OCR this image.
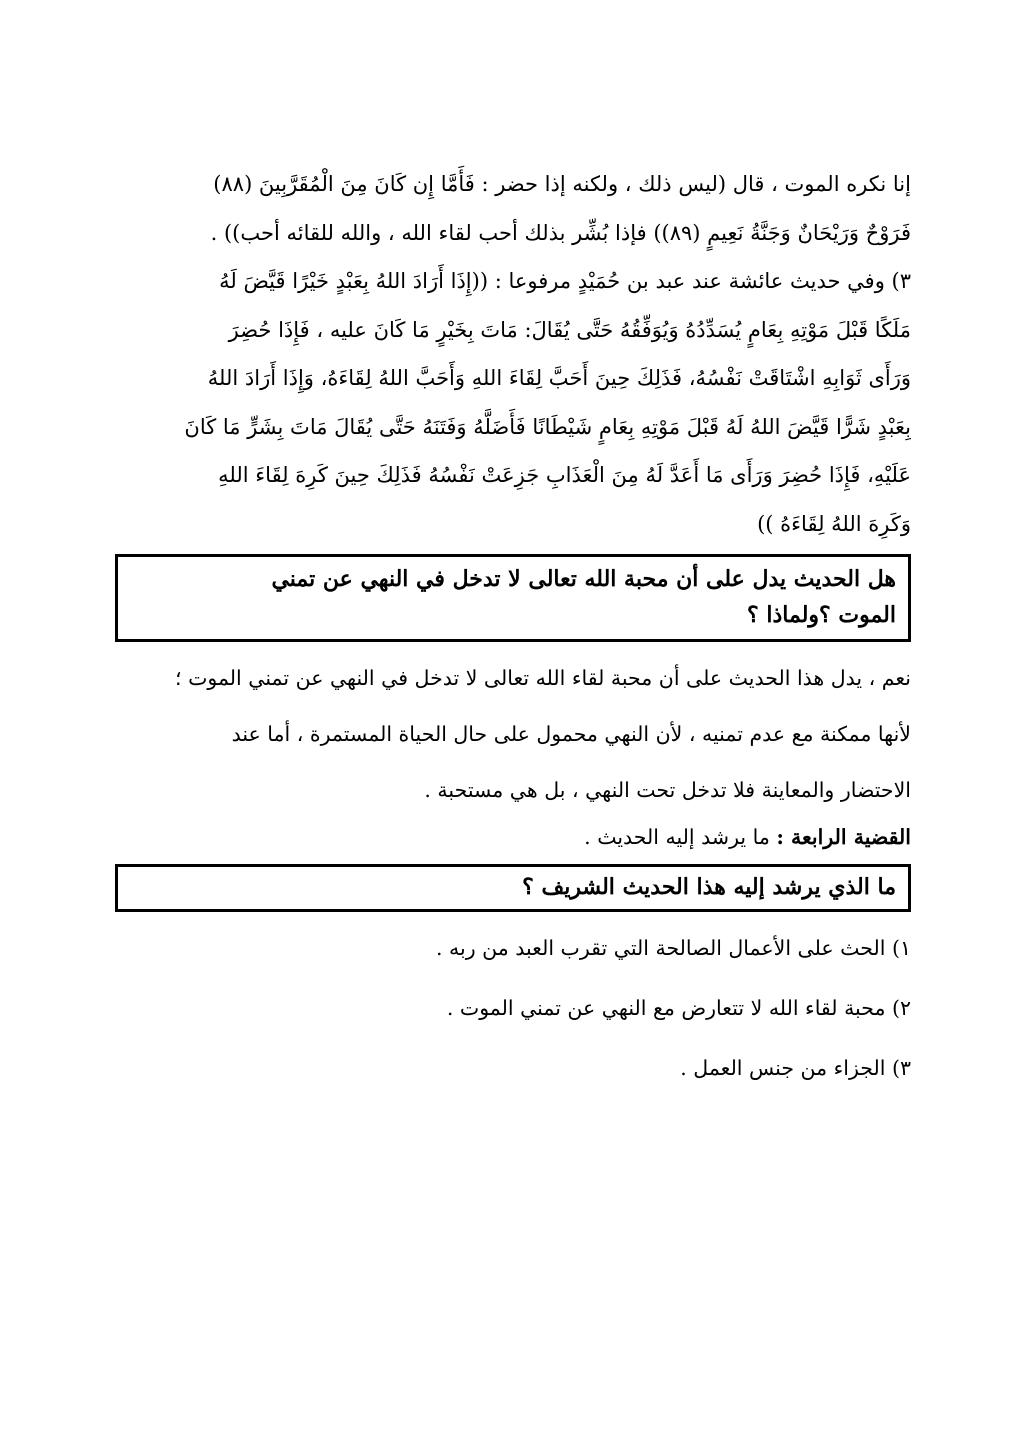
إنا نكره الموت ، قال (ليس ذلك ، ولكنه إذا حضر : فَأَمَّا إِن كَانَ مِنَ الْمُقَرَّبِينَ (٨٨)
فَرَوْحٌ وَرَيْحَانٌ وَجَنَّةُ نَعِيمٍ (٨٩)) فإذا بُشِّر بذلك أحب لقاء الله ، والله للقائه أحب)) .
٣) وفي حديث عائشة عند عبد بن حُمَيْدٍ مرفوعا : ((إِذَا أَرَادَ اللهُ بِعَبْدٍ خَيْرًا قَيَّضَ لَهُ
مَلَكًا قَبْلَ مَوْتِهِ بِعَامٍ يُسَدِّدُهُ وَيُوَفِّقُهُ حَتَّى يُقَالَ: مَاتَ بِخَيْرٍ مَا كَانَ عليه ، فَإِذَا حُضِرَ
وَرَأَى ثَوَابِهِ اشْتَاقَتْ نَفْسُهُ، فَذَلِكَ حِينَ أَحَبَّ لِقَاءَ اللهِ وَأَحَبَّ اللهُ لِقَاءَهُ، وَإِذَا أَرَادَ اللهُ
بِعَبْدٍ شَرًّا قَيَّضَ اللهُ لَهُ قَبْلَ مَوْتِهِ بِعَامٍ شَيْطَانًا فَأَضَلَّهُ وَفَتَنَهُ حَتَّى يُقَالَ مَاتَ بِشَرٍّ مَا كَانَ
عَلَيْهِ، فَإِذَا حُضِرَ وَرَأَى مَا أَعَدَّ لَهُ مِنَ الْعَذَابِ جَزِعَتْ نَفْسُهُ فَذَلِكَ حِينَ كَرِهَ لِقَاءَ اللهِ
وَكَرِهَ اللهُ لِقَاءَهُ ))
هل الحديث يدل على أن محبة الله تعالى لا تدخل في النهي عن تمني
الموت ؟ولماذا ؟
نعم ، يدل هذا الحديث على أن محبة لقاء الله تعالى لا تدخل في النهي عن تمني الموت ؛
لأنها ممكنة مع عدم تمنيه ، لأن النهي محمول على حال الحياة المستمرة ، أما عند
الاحتضار والمعاينة فلا تدخل تحت النهي ، بل هي مستحبة .
القضية الرابعة : ما يرشد إليه الحديث .
ما الذي يرشد إليه هذا الحديث الشريف ؟
١) الحث على الأعمال الصالحة التي تقرب العبد من ربه .
٢) محبة لقاء الله لا تتعارض مع النهي عن تمني الموت .
٣) الجزاء من جنس العمل .
